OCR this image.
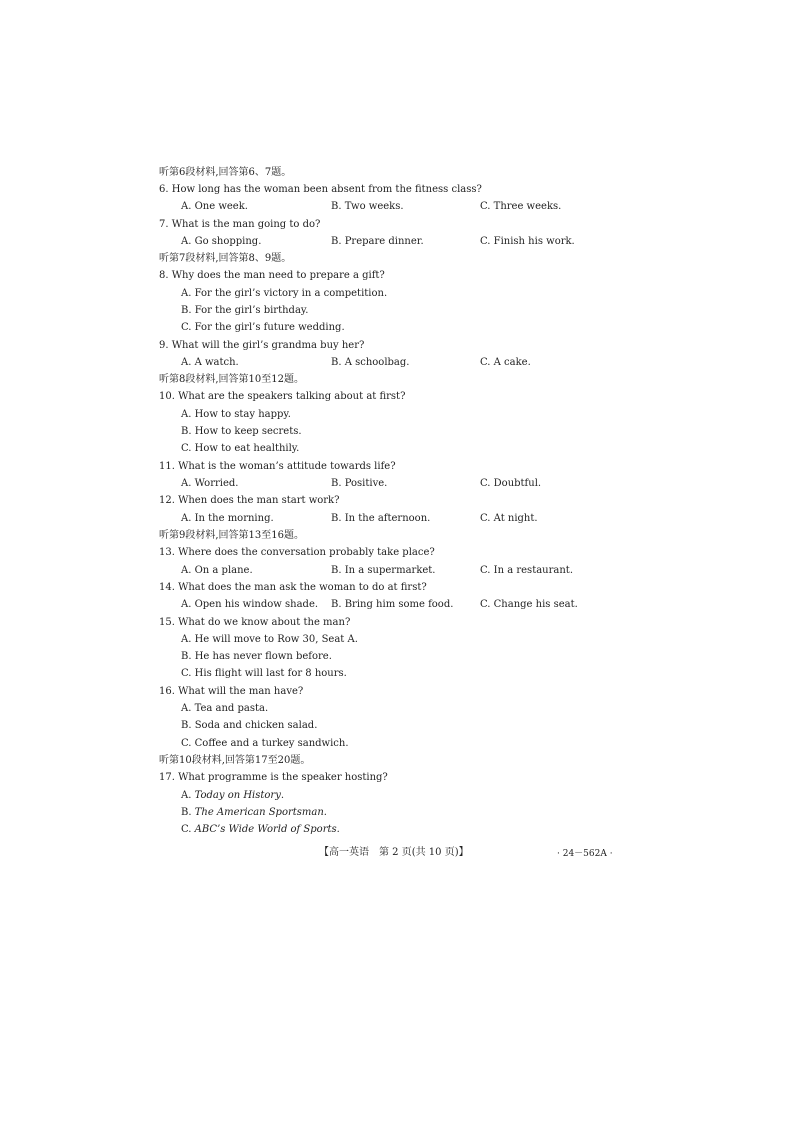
听第6段材料,回答第6、7题。
6. How long has the woman been absent from the fitness class?
A. One week.	B. Two weeks.	C. Three weeks.
7. What is the man going to do?
A. Go shopping.	B. Prepare dinner.	C. Finish his work.
听第7段材料,回答第8、9题。
8. Why does the man need to prepare a gift?
A. For the girl’s victory in a competition.
B. For the girl’s birthday.
C. For the girl’s future wedding.
9. What will the girl’s grandma buy her?
A. A watch.	B. A schoolbag.	C. A cake.
听第8段材料,回答第10至12题。
10. What are the speakers talking about at first?
A. How to stay happy.
B. How to keep secrets.
C. How to eat healthily.
11. What is the woman’s attitude towards life?
A. Worried.	B. Positive.	C. Doubtful.
12. When does the man start work?
A. In the morning.	B. In the afternoon.	C. At night.
听第9段材料,回答第13至16题。
13. Where does the conversation probably take place?
A. On a plane.	B. In a supermarket.	C. In a restaurant.
14. What does the man ask the woman to do at first?
A. Open his window shade. B. Bring him some food.	C. Change his seat.
15. What do we know about the man?
A. He will move to Row 30, Seat A.
B. He has never flown before.
C. His flight will last for 8 hours.
16. What will the man have?
A. Tea and pasta.
B. Soda and chicken salad.
C. Coffee and a turkey sandwich.
听第10段材料,回答第17至20题。
17. What programme is the speaker hosting?
A. Today on History.
B. The American Sportsman.
C. ABC’s Wide World of Sports.
【高一英语　第 2 页(共 10 页)】	· 24－562A ·
